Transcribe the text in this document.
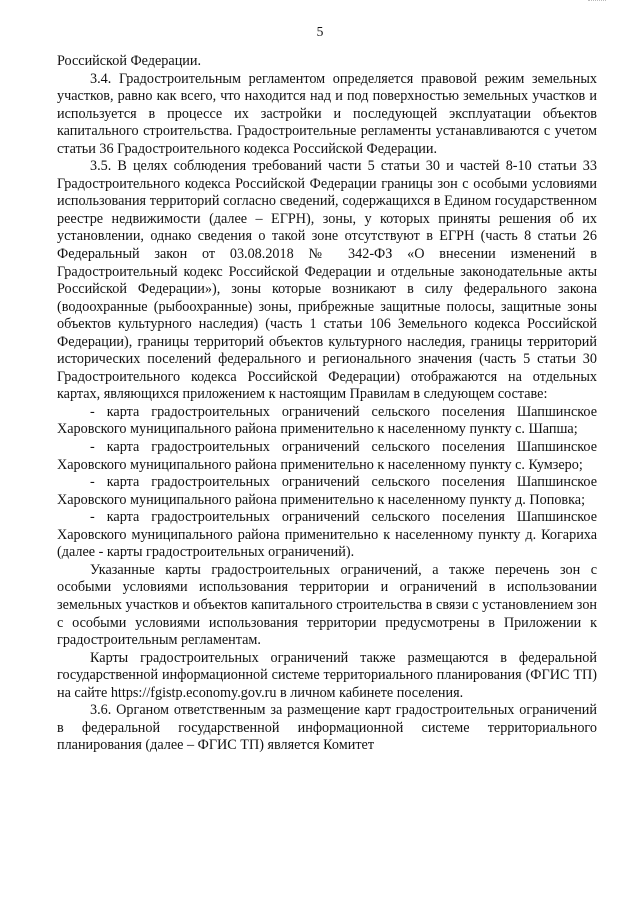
5

Российской Федерации.

3.4. Градостроительным регламентом определяется правовой режим земельных участков, равно как всего, что находится над и под поверхностью земельных участков и используется в процессе их застройки и последующей эксплуатации объектов капитального строительства. Градостроительные регламенты устанавливаются с учетом статьи 36 Градостроительного кодекса Российской Федерации.

3.5. В целях соблюдения требований части 5 статьи 30 и частей 8-10 статьи 33 Градостроительного кодекса Российской Федерации границы зон с особыми условиями использования территорий согласно сведений, содержащихся в Едином государственном реестре недвижимости (далее – ЕГРН), зоны, у которых приняты решения об их установлении, однако сведения о такой зоне отсутствуют в ЕГРН (часть 8 статьи 26 Федеральный закон от 03.08.2018 № 342-ФЗ «О внесении изменений в Градостроительный кодекс Российской Федерации и отдельные законодательные акты Российской Федерации»), зоны которые возникают в силу федерального закона (водоохранные (рыбоохранные) зоны, прибрежные защитные полосы, защитные зоны объектов культурного наследия) (часть 1 статьи 106 Земельного кодекса Российской Федерации), границы территорий объектов культурного наследия, границы территорий исторических поселений федерального и регионального значения (часть 5 статьи 30 Градостроительного кодекса Российской Федерации) отображаются на отдельных картах, являющихся приложением к настоящим Правилам в следующем составе:

- карта градостроительных ограничений сельского поселения Шапшинское Харовского муниципального района применительно к населенному пункту с. Шапша;

- карта градостроительных ограничений сельского поселения Шапшинское Харовского муниципального района применительно к населенному пункту с. Кумзеро;

- карта градостроительных ограничений сельского поселения Шапшинское Харовского муниципального района применительно к населенному пункту д. Поповка;

- карта градостроительных ограничений сельского поселения Шапшинское Харовского муниципального района применительно к населенному пункту д. Когариха (далее - карты градостроительных ограничений).

Указанные карты градостроительных ограничений, а также перечень зон с особыми условиями использования территории и ограничений в использовании земельных участков и объектов капитального строительства в связи с установлением зон с особыми условиями использования территории предусмотрены в Приложении к градостроительным регламентам.

Карты градостроительных ограничений также размещаются в федеральной государственной информационной системе территориального планирования (ФГИС ТП) на сайте https://fgistp.economy.gov.ru в личном кабинете поселения.

3.6. Органом ответственным за размещение карт градостроительных ограничений в федеральной государственной информационной системе территориального планирования (далее – ФГИС ТП) является Комитет
